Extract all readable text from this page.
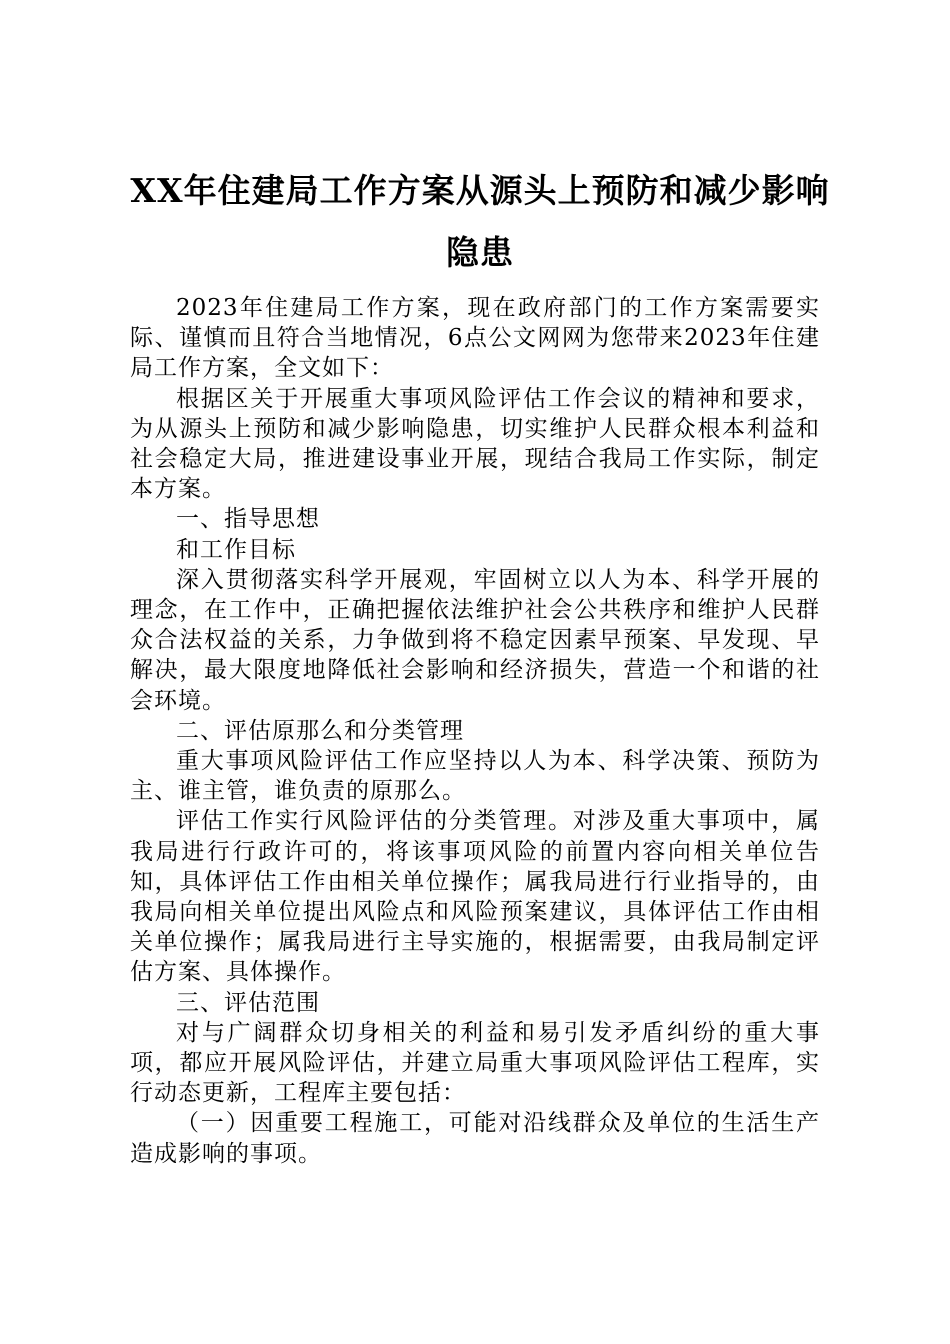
XX年住建局工作方案从源头上预防和减少影响隐患

2023年住建局工作方案，现在政府部门的工作方案需要实际、谨慎而且符合当地情况，6点公文网网为您带来2023年住建局工作方案，全文如下：

根据区关于开展重大事项风险评估工作会议的精神和要求，为从源头上预防和减少影响隐患，切实维护人民群众根本利益和社会稳定大局，推进建设事业开展，现结合我局工作实际，制定本方案。

一、指导思想

和工作目标

深入贯彻落实科学开展观，牢固树立以人为本、科学开展的理念，在工作中，正确把握依法维护社会公共秩序和维护人民群众合法权益的关系，力争做到将不稳定因素早预案、早发现、早解决，最大限度地降低社会影响和经济损失，营造一个和谐的社会环境。

二、评估原那么和分类管理

重大事项风险评估工作应坚持以人为本、科学决策、预防为主、谁主管，谁负责的原那么。

评估工作实行风险评估的分类管理。对涉及重大事项中，属我局进行行政许可的，将该事项风险的前置内容向相关单位告知，具体评估工作由相关单位操作；属我局进行行业指导的，由我局向相关单位提出风险点和风险预案建议，具体评估工作由相关单位操作；属我局进行主导实施的，根据需要，由我局制定评估方案、具体操作。

三、评估范围

对与广阔群众切身相关的利益和易引发矛盾纠纷的重大事项，都应开展风险评估，并建立局重大事项风险评估工程库，实行动态更新，工程库主要包括：

（一）因重要工程施工，可能对沿线群众及单位的生活生产造成影响的事项。
